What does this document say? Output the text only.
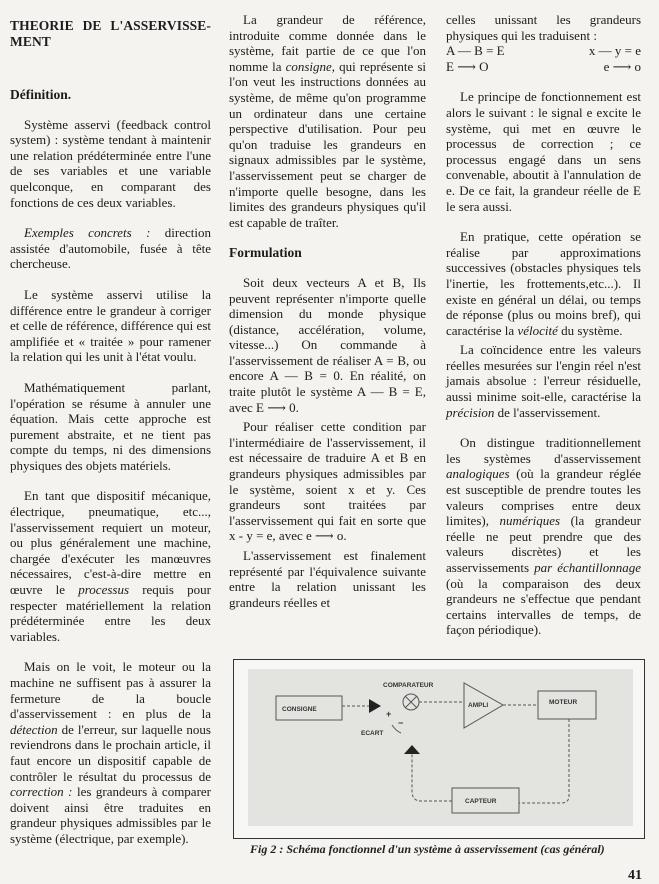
THEORIE DE L'ASSERVISSE-MENT
Définition.

Système asservi (feedback control system) : système tendant à maintenir une relation prédéterminée entre l'une de ses variables et une variable quelconque, en comparant des fonctions de ces deux variables.

Exemples concrets : direction assistée d'automobile, fusée à tête chercheuse.

Le système asservi utilise la différence entre le grandeur à corriger et celle de référence, différence qui est amplifiée et « traitée » pour ramener la relation qui les unit à l'état voulu.

Mathématiquement parlant, l'opération se résume à annuler une équation. Mais cette approche est purement abstraite, et ne tient pas compte du temps, ni des dimensions physiques des objets matériels.

En tant que dispositif mécanique, électrique, pneumatique, etc..., l'asservissement requiert un moteur, ou plus généralement une machine, chargée d'exécuter les manœuvres nécessaires, c'est-à-dire mettre en œuvre le processus requis pour respecter matériellement la relation prédéterminée entre les deux variables.

Mais on le voit, le moteur ou la machine ne suffisent pas à assurer la fermeture de la boucle d'asservissement : en plus de la détection de l'erreur, sur laquelle nous reviendrons dans le prochain article, il faut encore un dispositif capable de contrôler le résultat du processus de correction : les grandeurs à comparer doivent ainsi être traduites en grandeur physiques admissibles par le système (électrique, par exemple).

La grandeur de référence, introduite comme donnée dans le système, fait partie de ce que l'on nomme la consigne, qui représente si l'on veut les instructions données au système, de même qu'on programme un ordinateur dans une certaine perspective d'utilisation. Pour peu qu'on traduise les grandeurs en signaux admissibles par le système, l'asservissement peut se charger de n'importe quelle besogne, dans les limites des grandeurs physiques qu'il est capable de traîter.

Formulation

Soit deux vecteurs A et B, Ils peuvent représenter n'importe quelle dimension du monde physique (distance, accélération, volume, vitesse...) On commande à l'asservissement de réaliser A = B, ou encore A — B = 0. En réalité, on traite plutôt le système A — B = E, avec E ⟶ 0.

Pour réaliser cette condition par l'intermédiaire de l'asservissement, il est nécessaire de traduire A et B en grandeurs physiques admissibles par le système, soient x et y. Ces grandeurs sont traitées par l'asservissement qui fait en sorte que x - y = e, avec e ⟶ o.

L'asservissement est finalement représenté par l'équivalence suivante entre la relation unissant les grandeurs réelles et

celles unissant les grandeurs physiques qui les traduisent :

A — B = E	x — y = e
E ⟶ O	e ⟶ o

Le principe de fonctionnement est alors le suivant : le signal e excite le système, qui met en œuvre le processus de correction ; ce processus engagé dans un sens convenable, aboutit à l'annulation de e. De ce fait, la grandeur réelle de E le sera aussi.

En pratique, cette opération se réalise par approximations successives (obstacles physiques tels l'inertie, les frottements,etc...). Il existe en général un délai, ou temps de réponse (plus ou moins bref), qui caractérise la vélocité du système.

La coïncidence entre les valeurs réelles mesurées sur l'engin réel n'est jamais absolue : l'erreur résiduelle, aussi minime soit-elle, caractérise la précision de l'asservissement.

On distingue traditionnellement les systèmes d'asservissement analogiques (où la grandeur réglée est susceptible de prendre toutes les valeurs comprises entre deux limites), numériques (la grandeur réelle ne peut prendre que des valeurs discrètes) et les asservissements par échantillonnage (où la comparaison des deux grandeurs ne s'effectue que pendant certains intervalles de temps, de façon périodique).

CONSIGNE
COMPARATEUR
AMPLI	MOTEUR
CAPTEUR
ECART
+
−
Fig 2 : Schéma fonctionnel d'un système à asservissement (cas général)
41
